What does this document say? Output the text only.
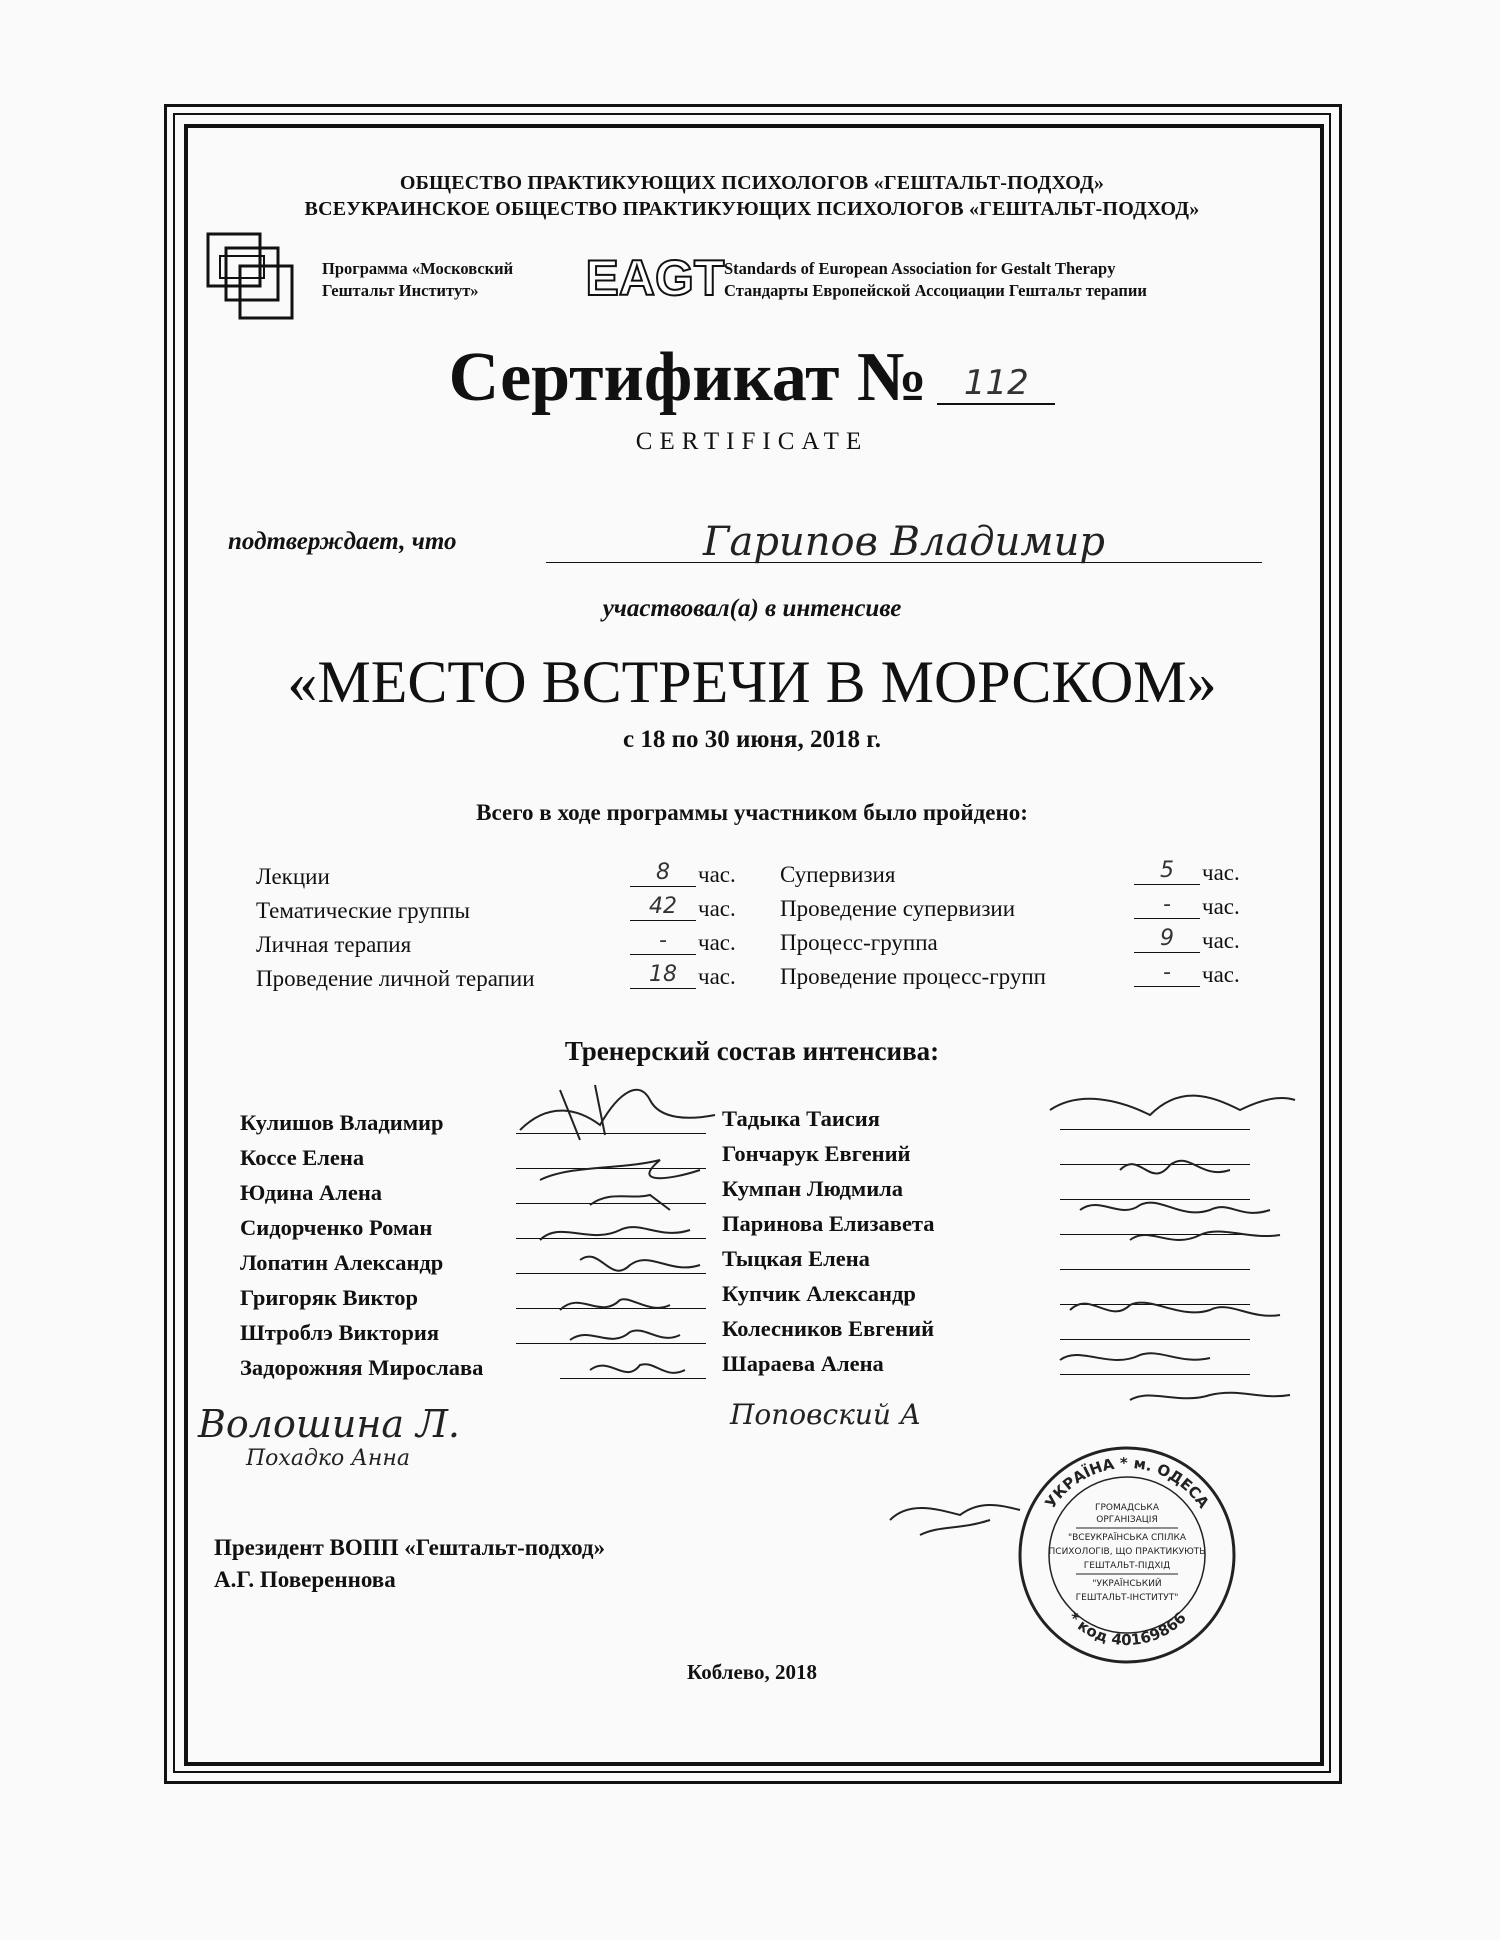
ОБЩЕСТВО ПРАКТИКУЮЩИХ ПСИХОЛОГОВ «ГЕШТАЛЬТ-ПОДХОД»
ВСЕУКРАИНСКОЕ ОБЩЕСТВО ПРАКТИКУЮЩИХ ПСИХОЛОГОВ «ГЕШТАЛЬТ-ПОДХОД»
Программа «Московский
Гештальт Институт»	EAGT Standards of European Association for Gestalt Therapy
Стандарты Европейской Ассоциации Гештальт терапии
Сертификат № 112
CERTIFICATE
подтверждает, что	Гарипов Владимир
участвовал(а) в интенсиве
«МЕСТО ВСТРЕЧИ В МОРСКОМ»
с 18 по 30 июня, 2018 г.
Всего в ходе программы участником было пройдено:
Лекции	8	час.
Тематические группы	42 час.
Личная терапия	-	час.
Проведение личной терапии	18 час.
Супервизия	5	час.
Проведение супервизии	-	час.
Процесс-группа	9	час.
Проведение процесс-групп	-	час.
Тренерский состав интенсива:
Кулишов Владимир
Коссе Елена
Юдина Алена
Сидорченко Роман
Лопатин Александр
Григоряк Виктор
Штроблэ Виктория
Задорожняя Мирослава
Тадыка Таисия
Гончарук Евгений
Кумпан Людмила
Паринова Елизавета
Тыцкая Елена
Купчик Александр
Колесников Евгений
Шараева Алена
Волошина Л.	Поповский А
Похадко Анна
Президент ВОПП «Гештальт-подход»
А.Г. Повереннова
УКРАЇНА * м. ОДЕСА
* код 40169866
ГРОМАДСЬКА
ОРГАНІЗАЦІЯ
"ВСЕУКРАЇНСЬКА СПІЛКА
ПСИХОЛОГІВ, ЩО ПРАКТИКУЮТЬ
ГЕШТАЛЬТ-ПІДХІД
"УКРАЇНСЬКИЙ
ГЕШТАЛЬТ-ІНСТИТУТ"
Коблево, 2018
